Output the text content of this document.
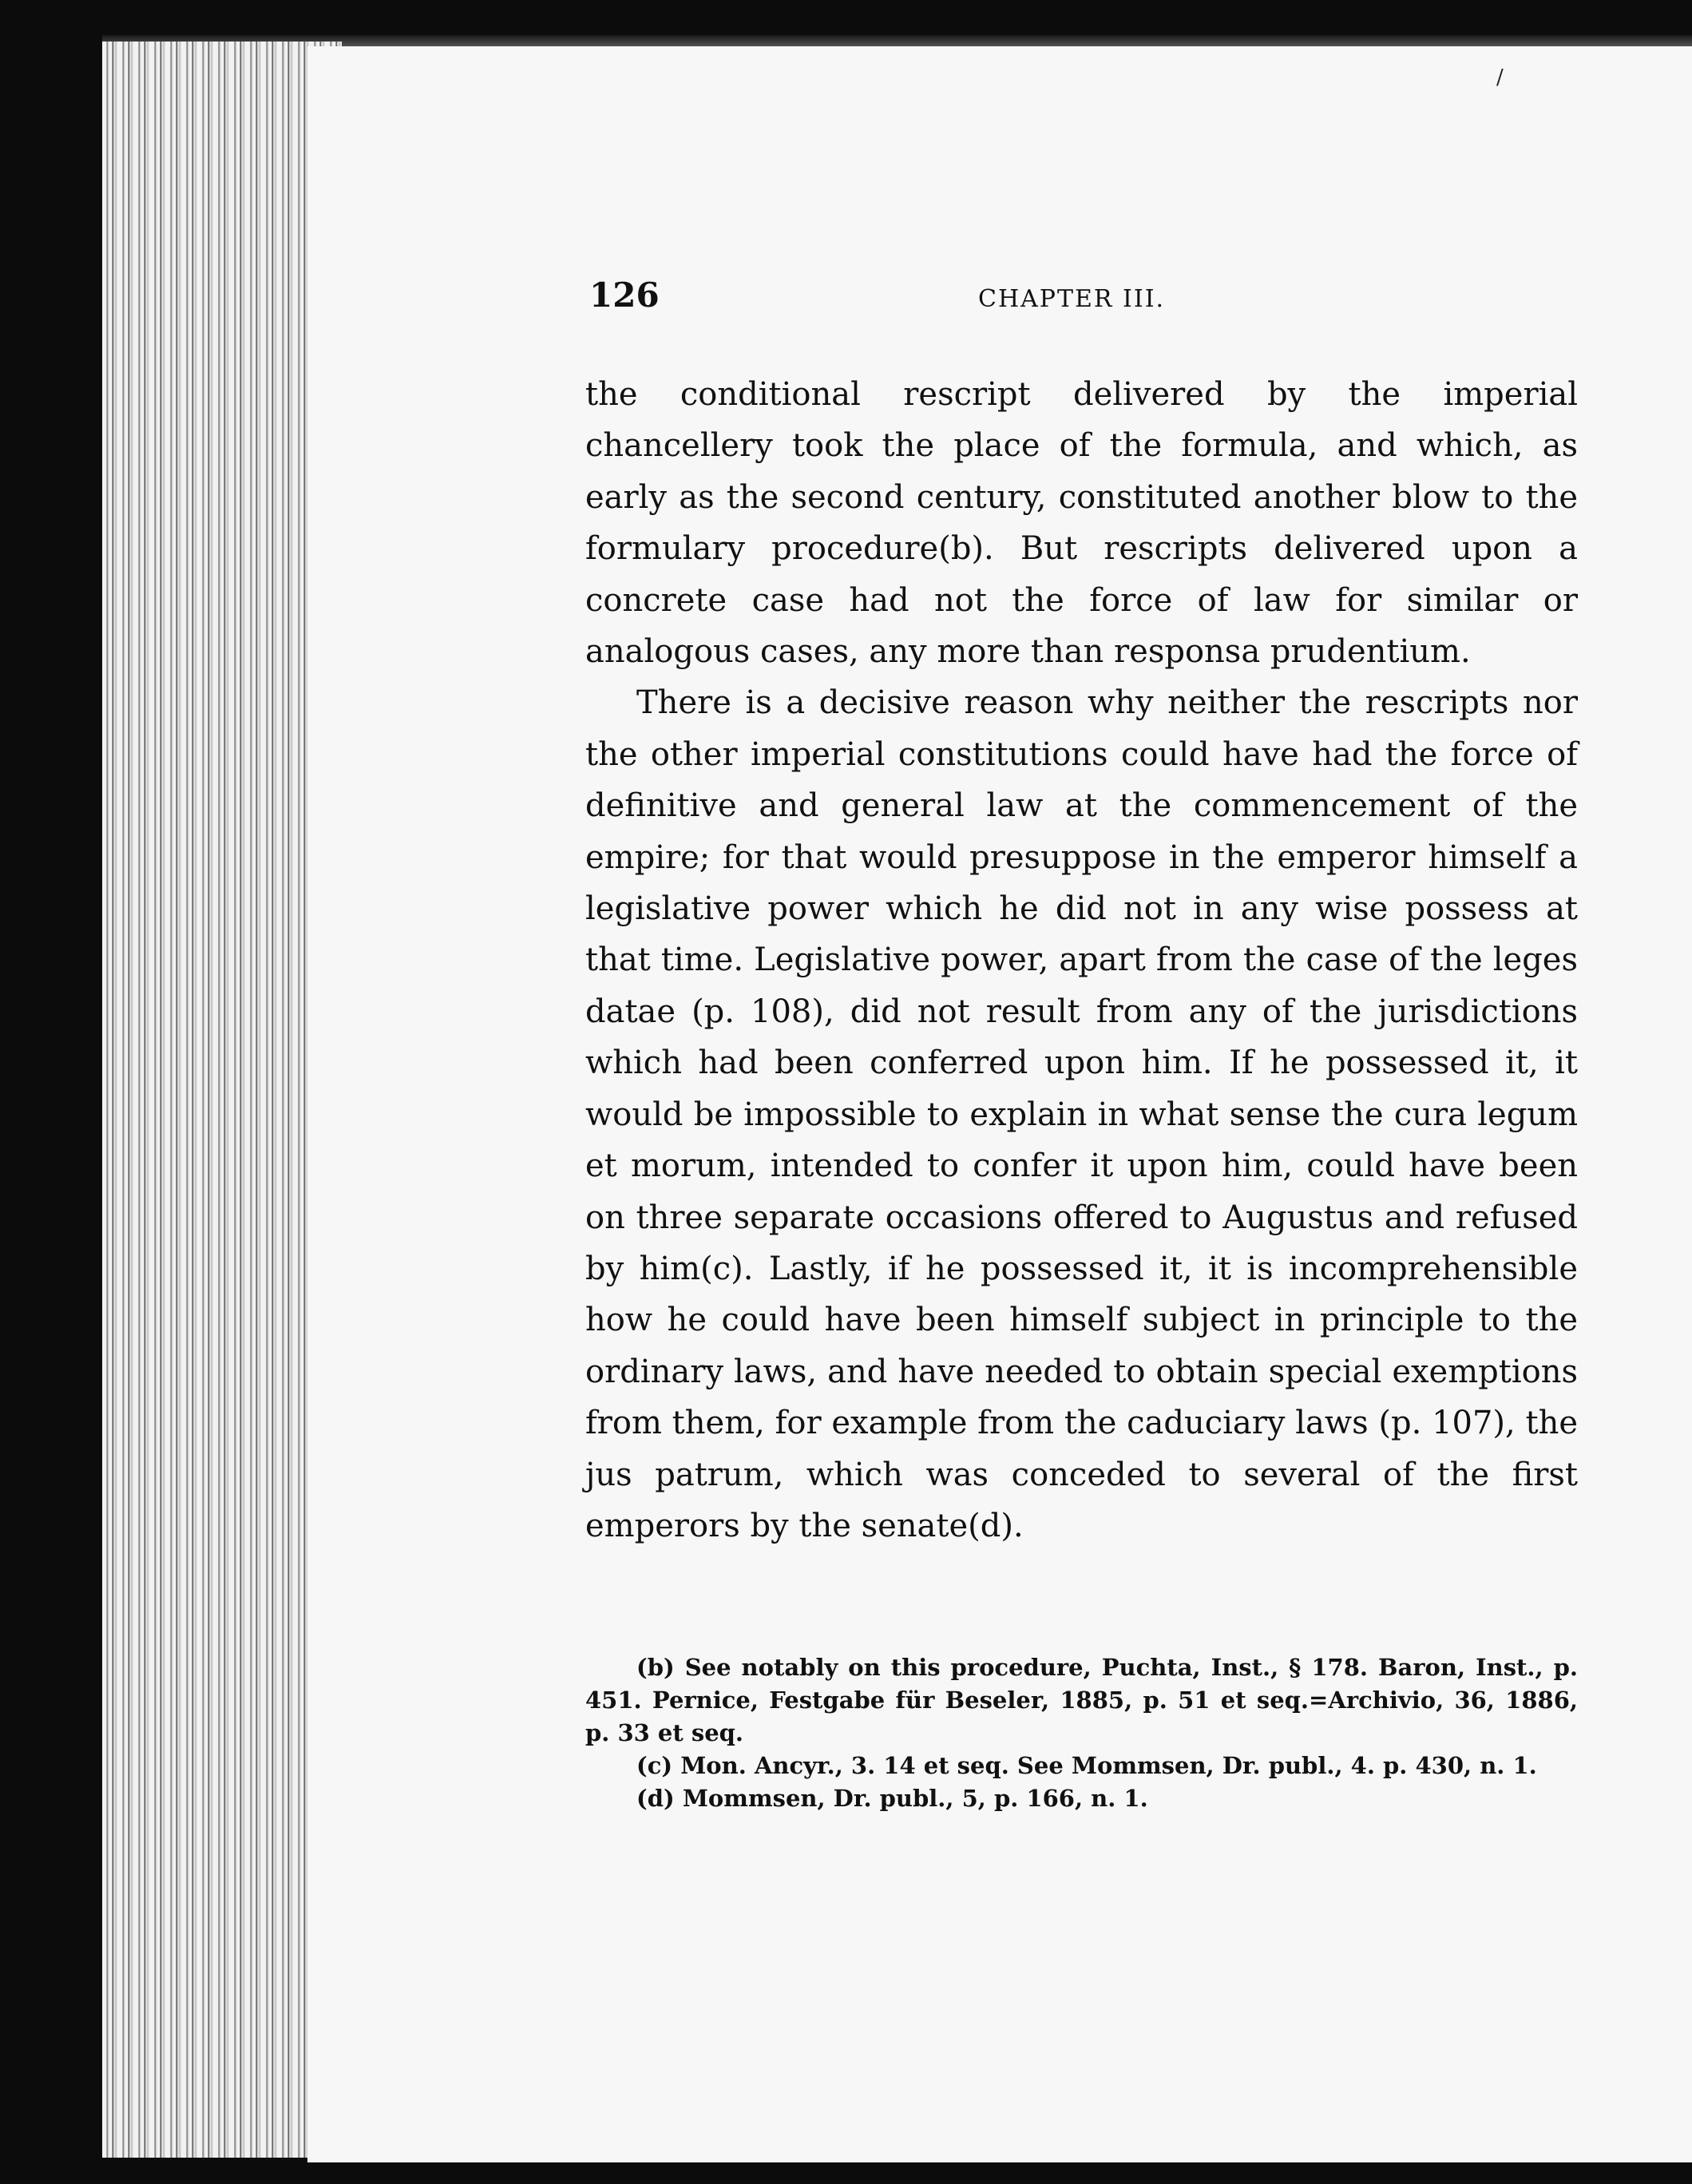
/
126	CHAPTER III.

the conditional rescript delivered by the imperial chancellery took the place of the formula, and which, as early as the second century, constituted another blow to the formulary procedure(b). But rescripts delivered upon a concrete case had not the force of law for similar or analogous cases, any more than responsa prudentium.

There is a decisive reason why neither the rescripts nor the other imperial constitutions could have had the force of definitive and general law at the commencement of the empire; for that would presuppose in the emperor himself a legislative power which he did not in any wise possess at that time. Legislative power, apart from the case of the leges datae (p. 108), did not result from any of the jurisdictions which had been conferred upon him. If he possessed it, it would be impossible to explain in what sense the cura legum et morum, intended to confer it upon him, could have been on three separate occasions offered to Augustus and refused by him(c). Lastly, if he possessed it, it is incomprehensible how he could have been himself subject in principle to the ordinary laws, and have needed to obtain special exemptions from them, for example from the caduciary laws (p. 107), the jus patrum, which was conceded to several of the first emperors by the senate(d).

(b) See notably on this procedure, Puchta, Inst., § 178. Baron, Inst., p. 451. Pernice, Festgabe für Beseler, 1885, p. 51 et seq.=Archivio, 36, 1886, p. 33 et seq.

(c) Mon. Ancyr., 3. 14 et seq. See Mommsen, Dr. publ., 4. p. 430, n. 1.

(d) Mommsen, Dr. publ., 5, p. 166, n. 1.
